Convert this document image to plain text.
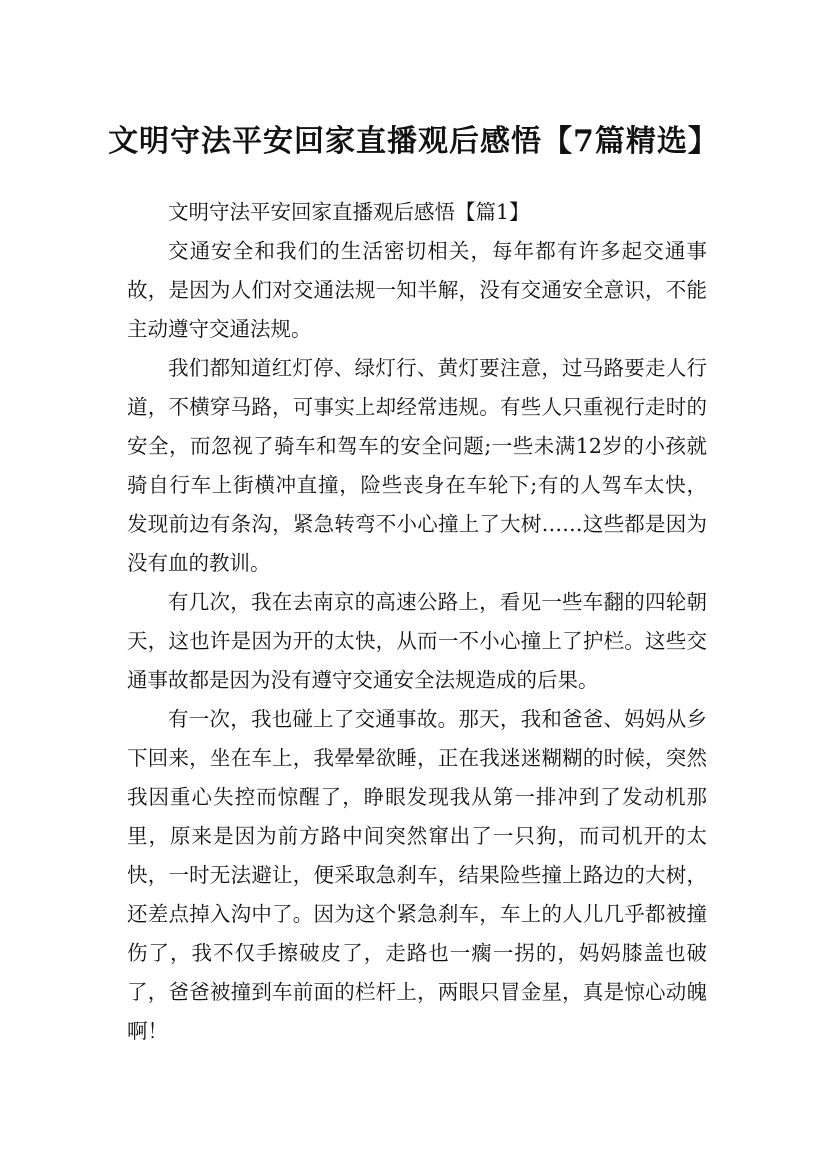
文明守法平安回家直播观后感悟【7篇精选】

文明守法平安回家直播观后感悟【篇1】

交通安全和我们的生活密切相关，每年都有许多起交通事故，是因为人们对交通法规一知半解，没有交通安全意识，不能主动遵守交通法规。

我们都知道红灯停、绿灯行、黄灯要注意，过马路要走人行道，不横穿马路，可事实上却经常违规。有些人只重视行走时的安全，而忽视了骑车和驾车的安全问题;一些未满12岁的小孩就骑自行车上街横冲直撞，险些丧身在车轮下;有的人驾车太快，发现前边有条沟，紧急转弯不小心撞上了大树……这些都是因为没有血的教训。

有几次，我在去南京的高速公路上，看见一些车翻的四轮朝天，这也许是因为开的太快，从而一不小心撞上了护栏。这些交通事故都是因为没有遵守交通安全法规造成的后果。

有一次，我也碰上了交通事故。那天，我和爸爸、妈妈从乡下回来，坐在车上，我晕晕欲睡，正在我迷迷糊糊的时候，突然我因重心失控而惊醒了，睁眼发现我从第一排冲到了发动机那里，原来是因为前方路中间突然窜出了一只狗，而司机开的太快，一时无法避让，便采取急刹车，结果险些撞上路边的大树，还差点掉入沟中了。因为这个紧急刹车，车上的人儿几乎都被撞伤了，我不仅手擦破皮了，走路也一瘸一拐的，妈妈膝盖也破了，爸爸被撞到车前面的栏杆上，两眼只冒金星，真是惊心动魄啊！
